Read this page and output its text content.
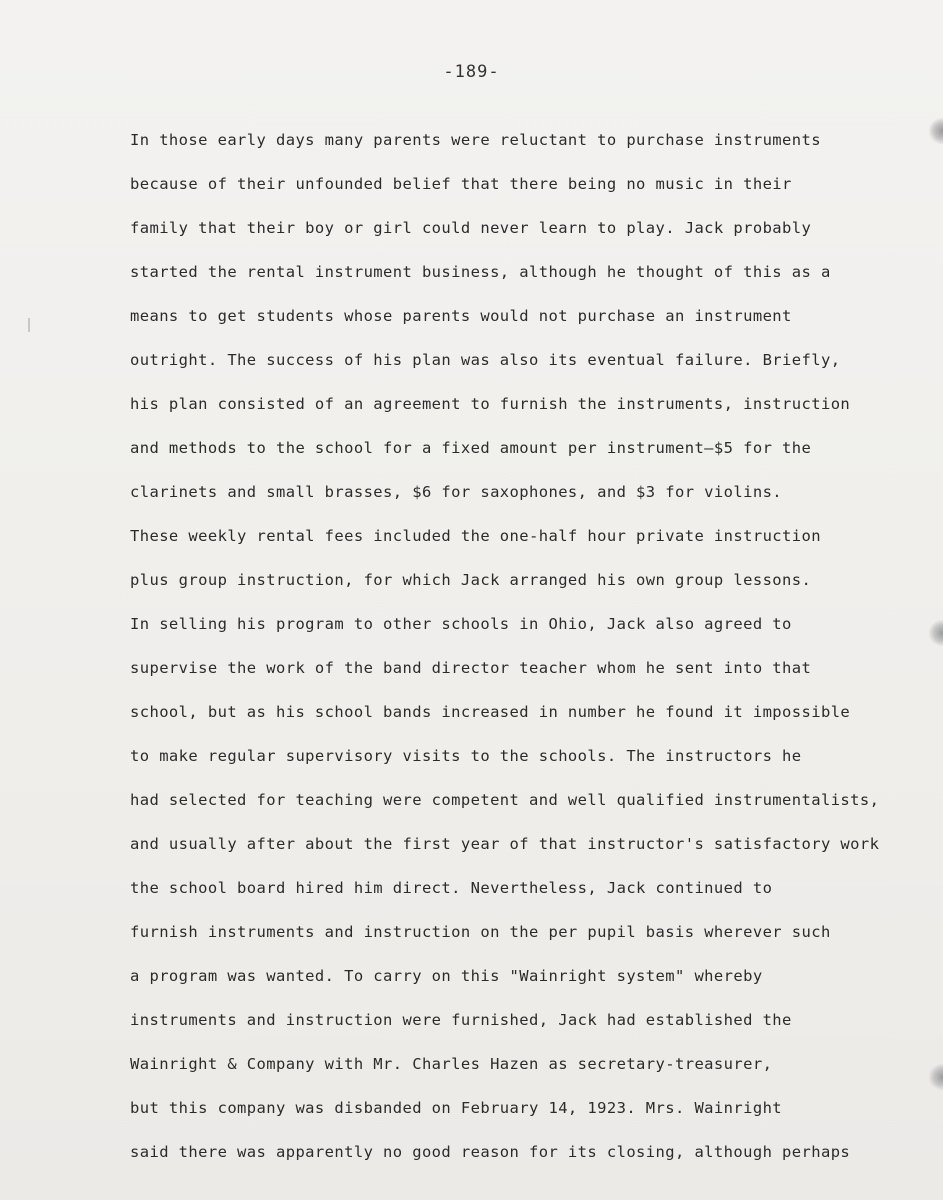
-189-
In those early days many parents were reluctant to purchase instruments
because of their unfounded belief that there being no music in their
family that their boy or girl could never learn to play. Jack probably
started the rental instrument business, although he thought of this as a
means to get students whose parents would not purchase an instrument
outright. The success of his plan was also its eventual failure. Briefly,
his plan consisted of an agreement to furnish the instruments, instruction
and methods to the school for a fixed amount per instrument—$5 for the
clarinets and small brasses, $6 for saxophones, and $3 for violins.
These weekly rental fees included the one-half hour private instruction
plus group instruction, for which Jack arranged his own group lessons.
In selling his program to other schools in Ohio, Jack also agreed to
supervise the work of the band director teacher whom he sent into that
school, but as his school bands increased in number he found it impossible
to make regular supervisory visits to the schools. The instructors he
had selected for teaching were competent and well qualified instrumentalists,
and usually after about the first year of that instructor's satisfactory work
the school board hired him direct. Nevertheless, Jack continued to
furnish instruments and instruction on the per pupil basis wherever such
a program was wanted. To carry on this "Wainright system" whereby
instruments and instruction were furnished, Jack had established the
Wainright & Company with Mr. Charles Hazen as secretary-treasurer,
but this company was disbanded on February 14, 1923. Mrs. Wainright
said there was apparently no good reason for its closing, although perhaps
